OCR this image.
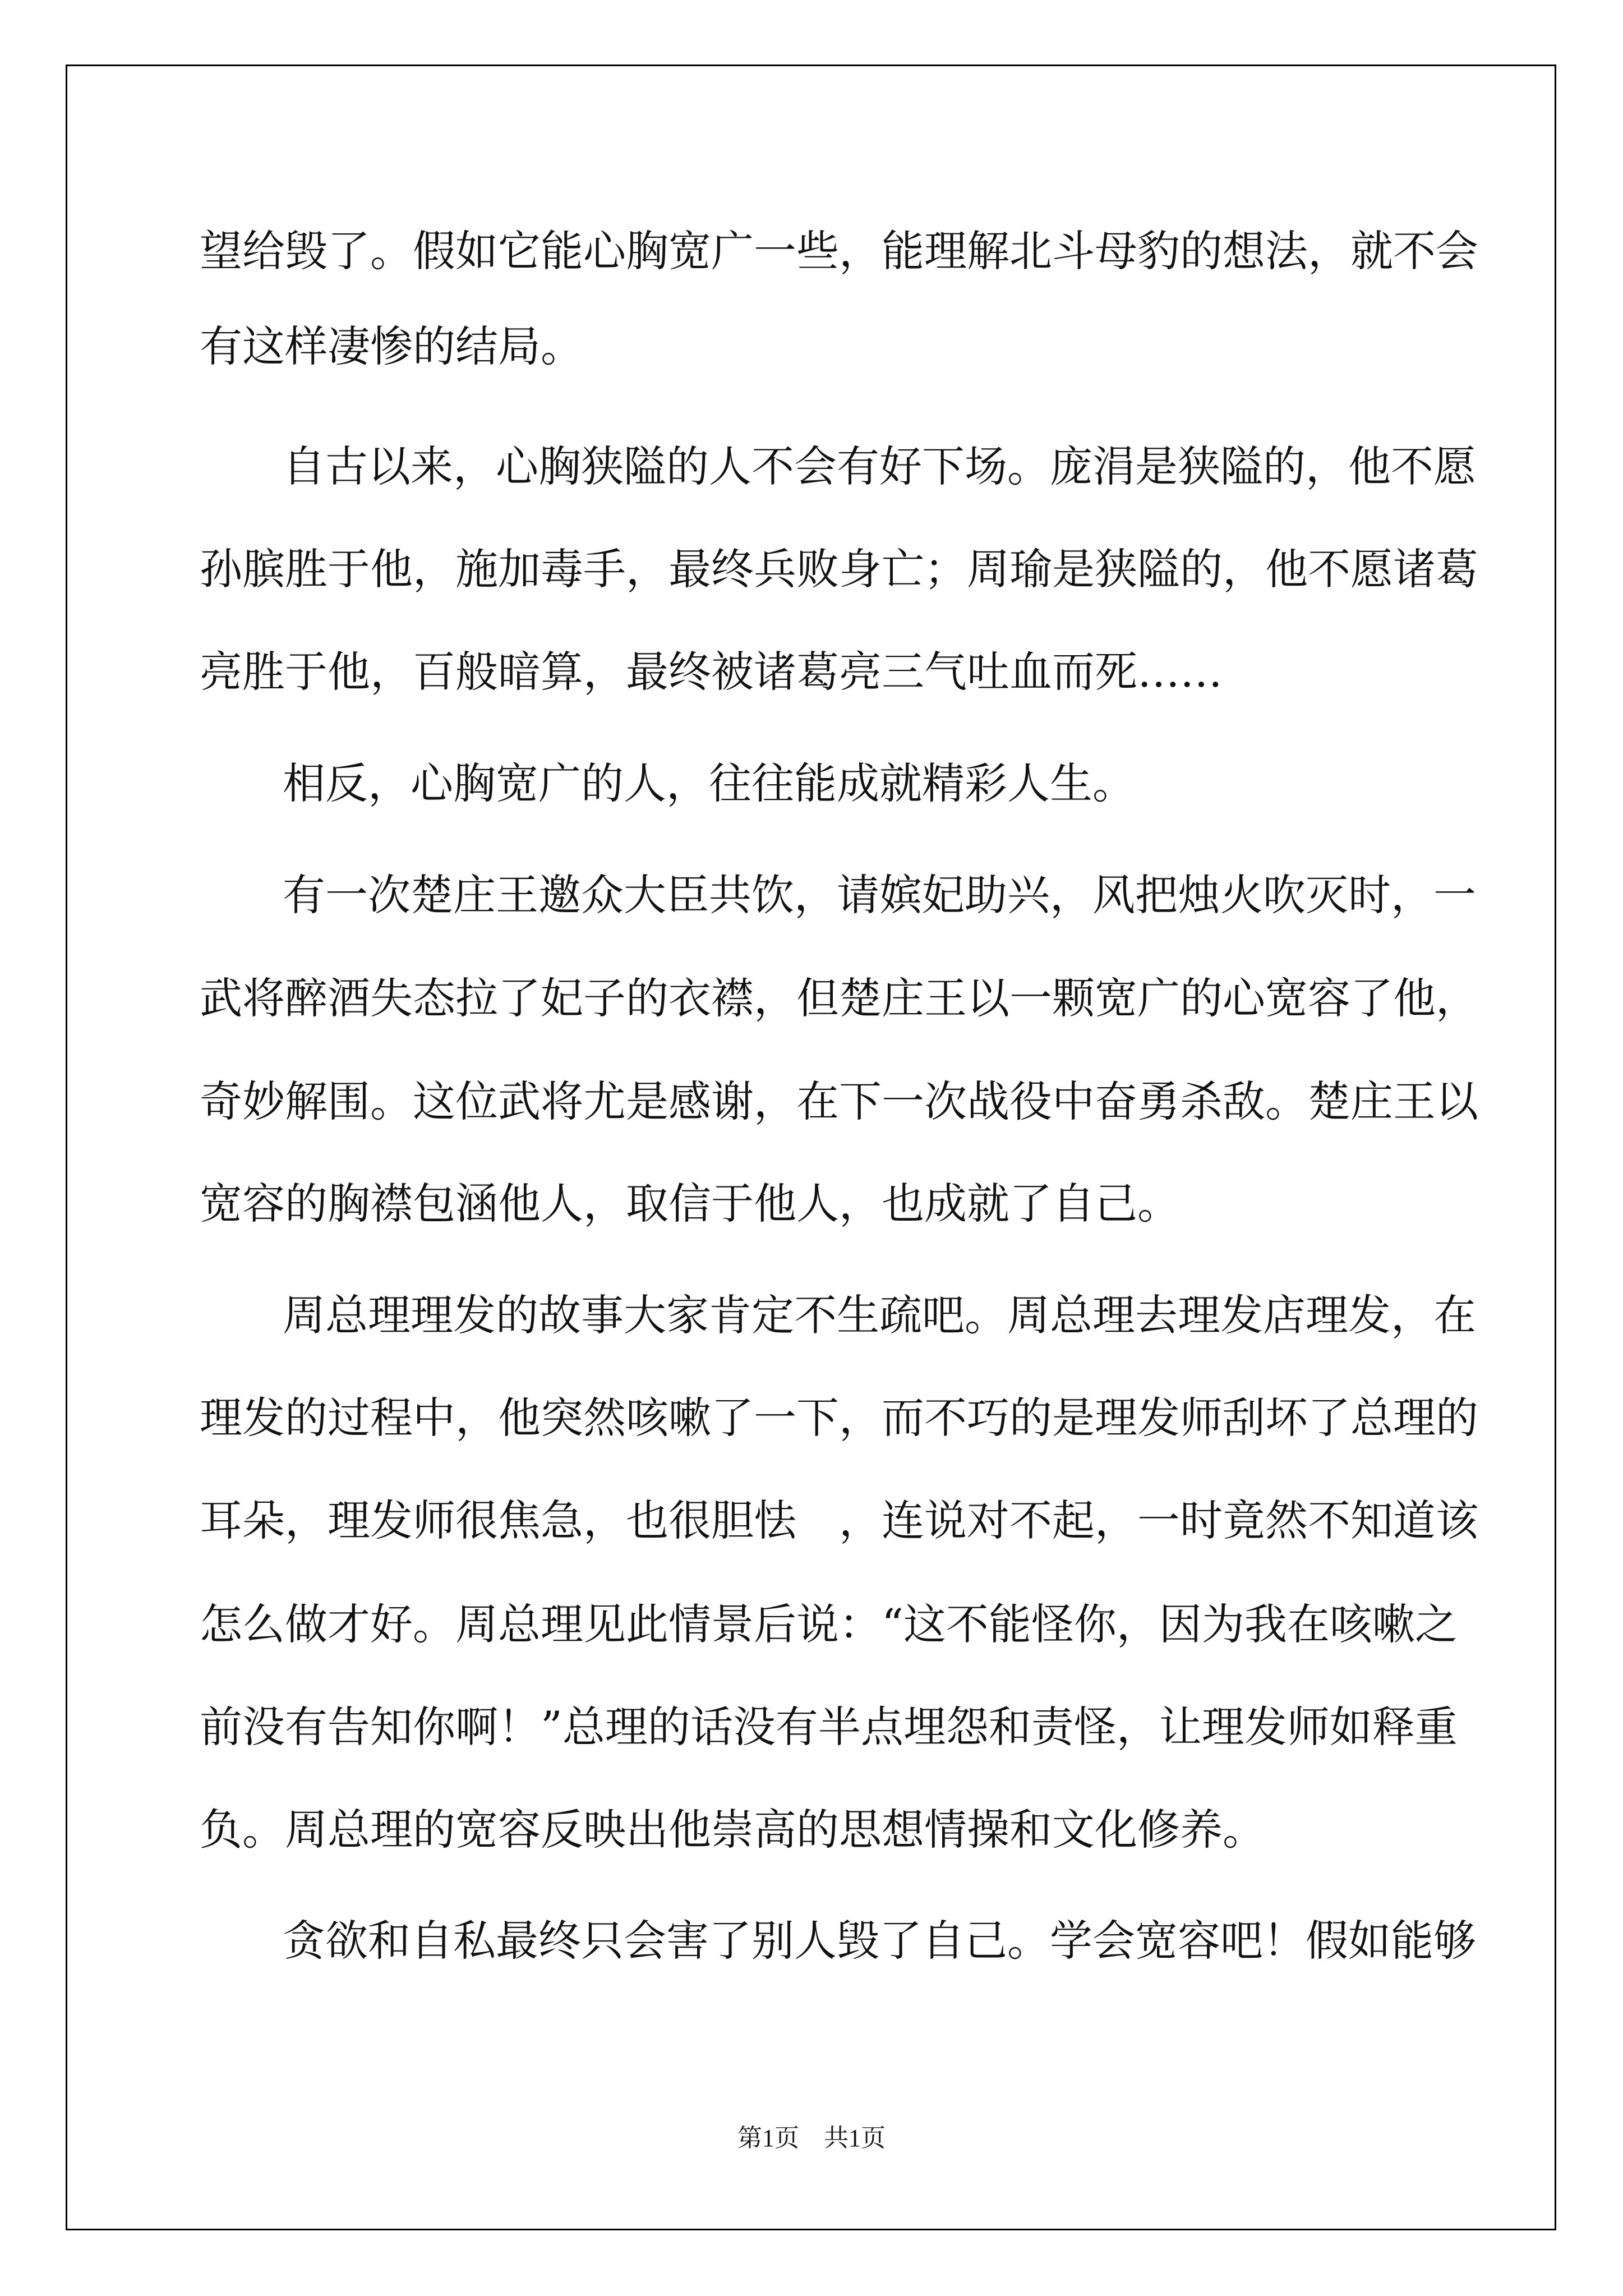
望给毁了。假如它能心胸宽广一些，能理解北斗母豹的想法，就不会
有这样凄惨的结局。
自古以来，心胸狭隘的人不会有好下场。庞涓是狭隘的，他不愿
孙膑胜于他，施加毒手，最终兵败身亡；周瑜是狭隘的，他不愿诸葛
亮胜于他，百般暗算，最终被诸葛亮三气吐血而死……
相反，心胸宽广的人，往往能成就精彩人生。
有一次楚庄王邀众大臣共饮，请嫔妃助兴，风把烛火吹灭时，一
武将醉酒失态拉了妃子的衣襟，但楚庄王以一颗宽广的心宽容了他，
奇妙解围。这位武将尤是感谢，在下一次战役中奋勇杀敌。楚庄王以
宽容的胸襟包涵他人，取信于他人，也成就了自己。
周总理理发的故事大家肯定不生疏吧。周总理去理发店理发，在
理发的过程中，他突然咳嗽了一下，而不巧的是理发师刮坏了总理的
耳朵，理发师很焦急，也很胆怯　，连说对不起，一时竟然不知道该
怎么做才好。周总理见此情景后说：“这不能怪你，因为我在咳嗽之
前没有告知你啊！”总理的话没有半点埋怨和责怪，让理发师如释重
负。周总理的宽容反映出他崇高的思想情操和文化修养。
贪欲和自私最终只会害了别人毁了自己。学会宽容吧！假如能够
第1页　共1页
